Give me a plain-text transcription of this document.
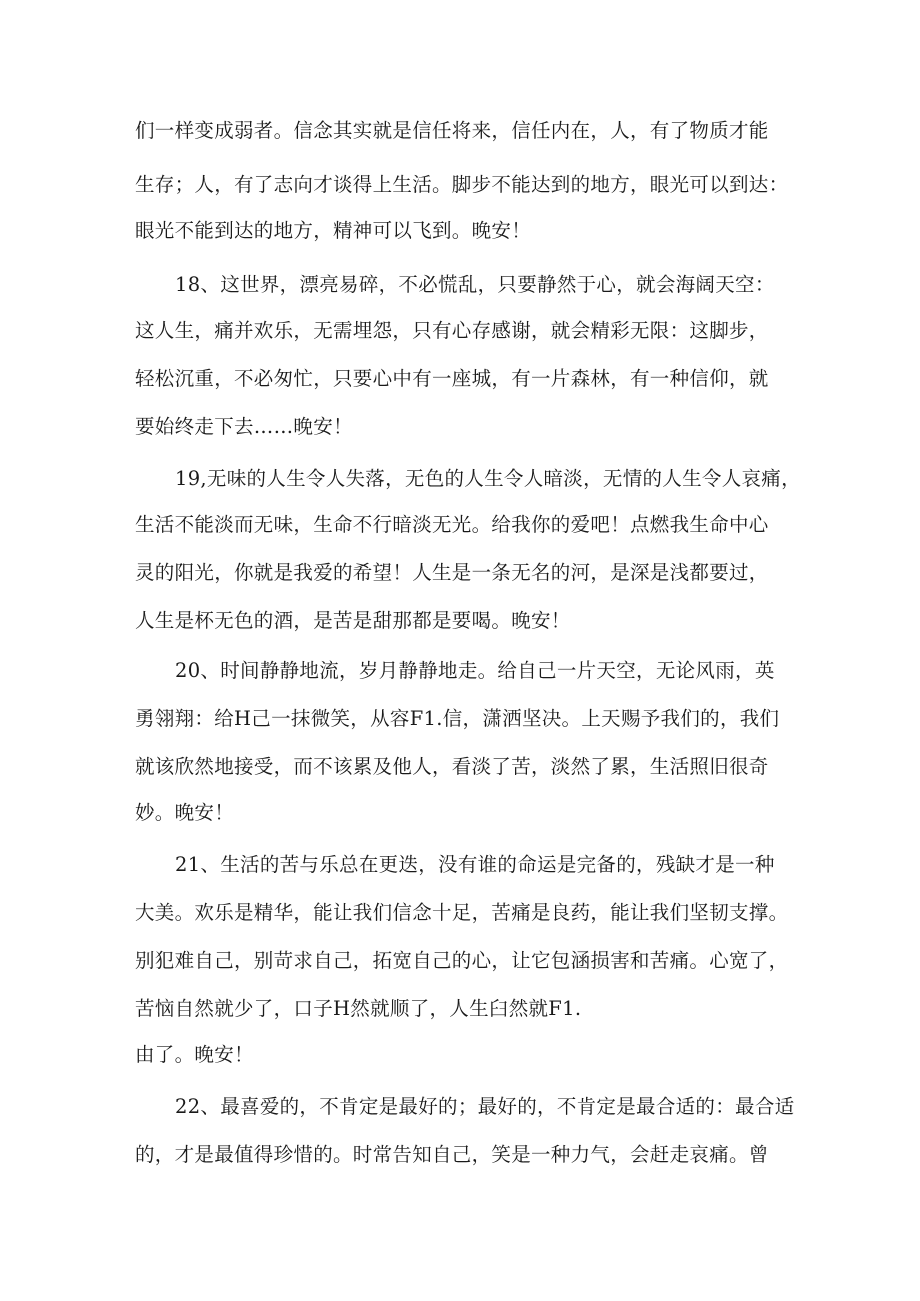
们一样变成弱者。信念其实就是信任将来，信任内在，人，有了物质才能

生存；人，有了志向才谈得上生活。脚步不能达到的地方，眼光可以到达：

眼光不能到达的地方，精神可以飞到。晚安！

18、这世界，漂亮易碎，不必慌乱，只要静然于心，就会海阔天空：

这人生，痛并欢乐，无需埋怨，只有心存感谢，就会精彩无限：这脚步，

轻松沉重，不必匆忙，只要心中有一座城，有一片森林，有一种信仰，就

要始终走下去……晚安！

19,无味的人生令人失落，无色的人生令人暗淡，无情的人生令人哀痛，

生活不能淡而无味，生命不行暗淡无光。给我你的爱吧！点燃我生命中心

灵的阳光，你就是我爱的希望！人生是一条无名的河，是深是浅都要过，

人生是杯无色的酒，是苦是甜那都是要喝。晚安！

20、时间静静地流，岁月静静地走。给自己一片天空，无论风雨，英

勇翎翔：给H己一抹微笑，从容F1.信，潇洒坚决。上天赐予我们的，我们

就该欣然地接受，而不该累及他人，看淡了苦，淡然了累，生活照旧很奇

妙。晚安！

21、生活的苦与乐总在更迭，没有谁的命运是完备的，残缺才是一种

大美。欢乐是精华，能让我们信念十足，苦痛是良药，能让我们坚韧支撑。

别犯难自己，别苛求自己，拓宽自己的心，让它包涵损害和苦痛。心宽了，

苦恼自然就少了，口子H然就顺了，人生臼然就F1.

由了。晚安！

22、最喜爱的，不肯定是最好的；最好的，不肯定是最合适的：最合适

的，才是最值得珍惜的。时常告知自己，笑是一种力气，会赶走哀痛。曾
